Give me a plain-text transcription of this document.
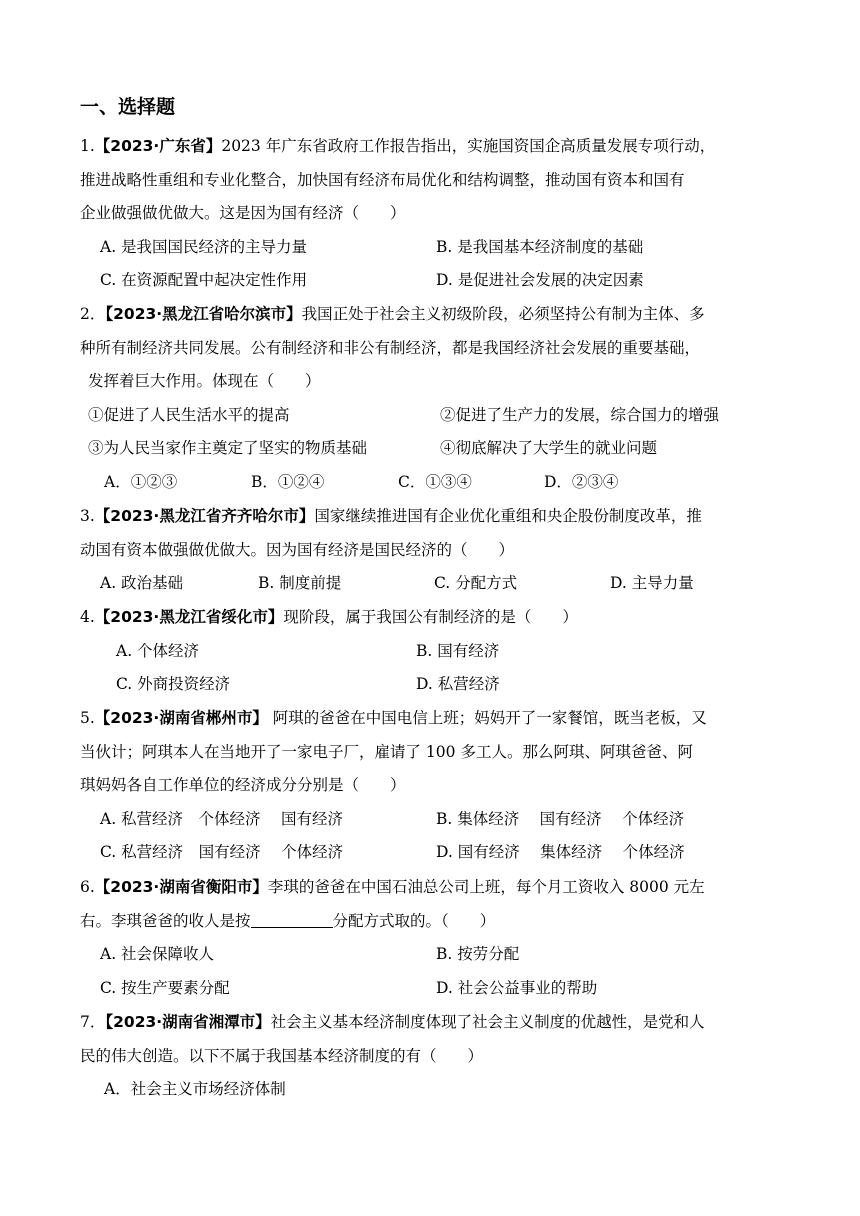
一、选择题
1.【2023·广东省】2023 年广东省政府工作报告指出，实施国资国企高质量发展专项行动，
推进战略性重组和专业化整合，加快国有经济布局优化和结构调整，推动国有资本和国有
企业做强做优做大。这是因为国有经济（　　）
A. 是我国国民经济的主导力量	B. 是我国基本经济制度的基础
C. 在资源配置中起决定性作用	D. 是促进社会发展的决定因素
2．【2023·黑龙江省哈尔滨市】我国正处于社会主义初级阶段，必须坚持公有制为主体、多
种所有制经济共同发展。公有制经济和非公有制经济，都是我国经济社会发展的重要基础，
发挥着巨大作用。体现在（　　）
①促进了人民生活水平的提高	②促进了生产力的发展，综合国力的增强
③为人民当家作主奠定了坚实的物质基础	④彻底解决了大学生的就业问题
A．①②③	B．①②④	C．①③④	D．②③④
3.【2023·黑龙江省齐齐哈尔市】国家继续推进国有企业优化重组和央企股份制度改革，推
动国有资本做强做优做大。因为国有经济是国民经济的（　　）
A. 政治基础	B. 制度前提	C. 分配方式	D. 主导力量
4.【2023·黑龙江省绥化市】现阶段，属于我国公有制经济的是（　　）
A. 个体经济	B. 国有经济
C. 外商投资经济	D. 私营经济
5.【2023·湖南省郴州市】 阿琪的爸爸在中国电信上班；妈妈开了一家餐馆，既当老板，又
当伙计；阿琪本人在当地开了一家电子厂，雇请了 100 多工人。那么阿琪、阿琪爸爸、阿
琪妈妈各自工作单位的经济成分分别是（　　）
A. 私营经济　个体经济　 国有经济	B. 集体经济　 国有经济　 个体经济
C. 私营经济　国有经济　 个体经济	D. 国有经济　 集体经济　 个体经济
6.【2023·湖南省衡阳市】李琪的爸爸在中国石油总公司上班，每个月工资收入 8000 元左
右。李琪爸爸的收人是按	分配方式取的。（　　）
A. 社会保障收人	B. 按劳分配
C. 按生产要素分配	D. 社会公益事业的帮助
7．【2023·湖南省湘潭市】社会主义基本经济制度体现了社会主义制度的优越性，是党和人
民的伟大创造。以下不属于我国基本经济制度的有（　　）
A．社会主义市场经济体制
